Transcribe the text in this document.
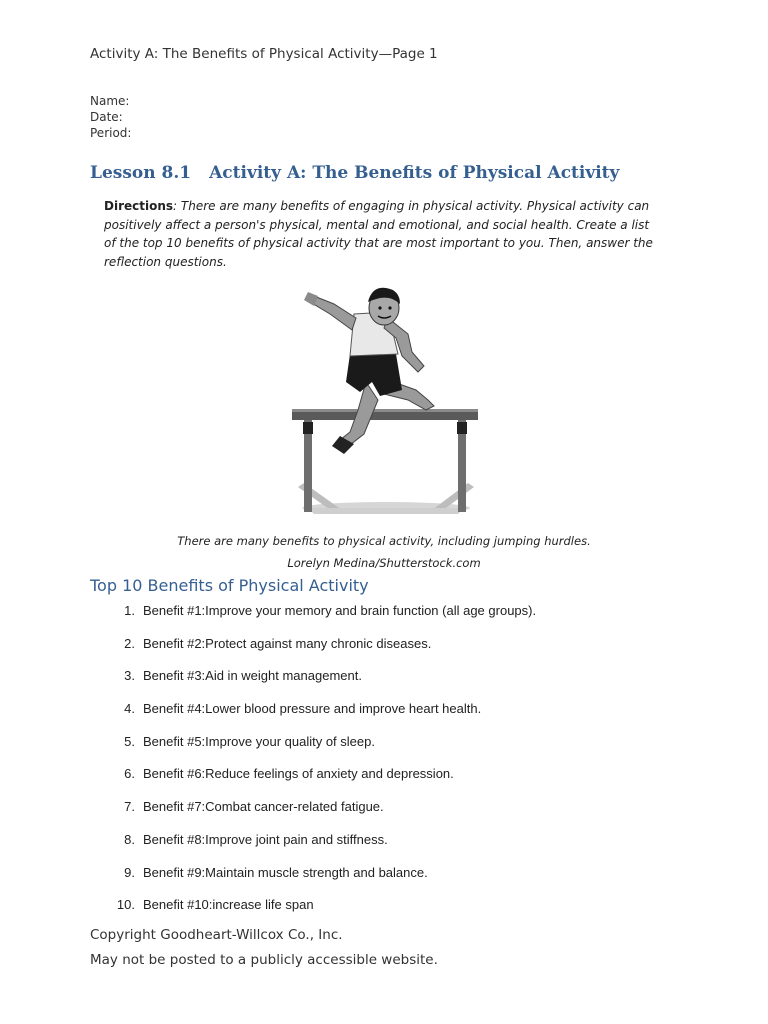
Activity A: The Benefits of Physical Activity—Page 1
Name:
Date:
Period:
Lesson 8.1 Activity A: The Benefits of Physical Activity
Directions: There are many benefits of engaging in physical activity. Physical activity can positively affect a person's physical, mental and emotional, and social health. Create a list of the top 10 benefits of physical activity that are most important to you. Then, answer the reflection questions.
There are many benefits to physical activity, including jumping hurdles.
Lorelyn Medina/Shutterstock.com
Top 10 Benefits of Physical Activity
1. Benefit #1:Improve your memory and brain function (all age groups).
2. Benefit #2:Protect against many chronic diseases.
3. Benefit #3:Aid in weight management.
4. Benefit #4:Lower blood pressure and improve heart health.
5. Benefit #5:Improve your quality of sleep.
6. Benefit #6:Reduce feelings of anxiety and depression.
7. Benefit #7:Combat cancer-related fatigue.
8. Benefit #8:Improve joint pain and stiffness.
9. Benefit #9:Maintain muscle strength and balance.
10. Benefit #10:increase life span
Copyright Goodheart-Willcox Co., Inc.
May not be posted to a publicly accessible website.
